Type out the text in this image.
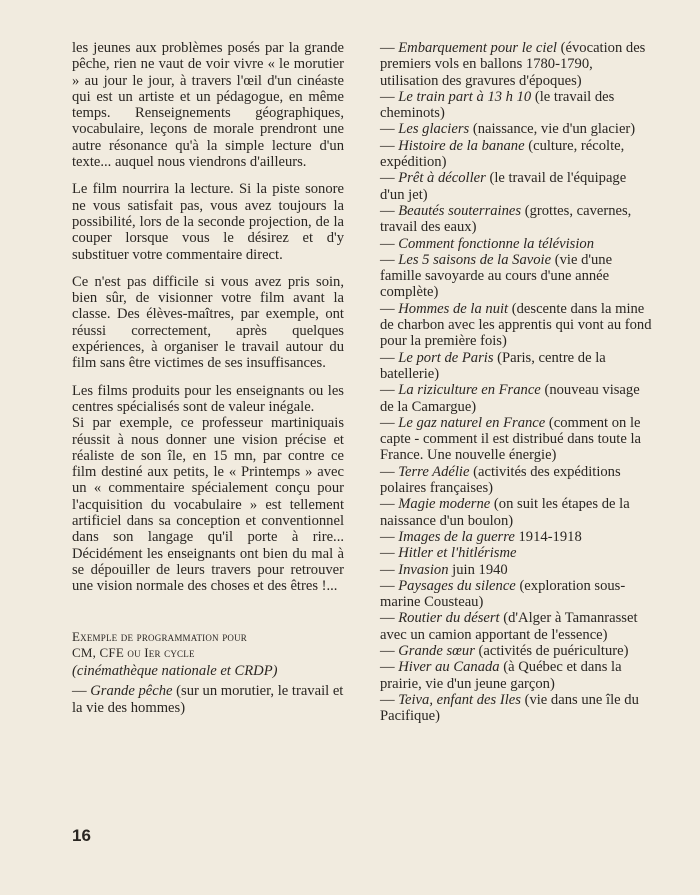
les jeunes aux problèmes posés par la grande pêche, rien ne vaut de voir vivre « le morutier » au jour le jour, à travers l'œil d'un cinéaste qui est un artiste et un pédagogue, en même temps. Renseignements géographiques, vocabulaire, leçons de morale prendront une autre résonance qu'à la simple lecture d'un texte... auquel nous viendrons d'ailleurs.

Le film nourrira la lecture. Si la piste sonore ne vous satisfait pas, vous avez toujours la possibilité, lors de la seconde projection, de la couper lorsque vous le désirez et d'y substituer votre commentaire direct.

Ce n'est pas difficile si vous avez pris soin, bien sûr, de visionner votre film avant la classe. Des élèves-maîtres, par exemple, ont réussi correctement, après quelques expériences, à organiser le travail autour du film sans être victimes de ses insuffisances.

Les films produits pour les enseignants ou les centres spécialisés sont de valeur inégale.

Si par exemple, ce professeur martiniquais réussit à nous donner une vision précise et réaliste de son île, en 15 mn, par contre ce film destiné aux petits, le « Printemps » avec un « commentaire spécialement conçu pour l'acquisition du vocabulaire » est tellement artificiel dans sa conception et conventionnel dans son langage qu'il porte à rire... Décidément les enseignants ont bien du mal à se dépouiller de leurs travers pour retrouver une vision normale des choses et des êtres !...

Exemple de programmation pour
CM, CFE ou Ier cycle

(cinémathèque nationale et CRDP)

— Grande pêche (sur un morutier, le travail et la vie des hommes)

— Embarquement pour le ciel (évocation des premiers vols en ballons 1780-1790, utilisation des gravures d'époques)

— Le train part à 13 h 10 (le travail des cheminots)

— Les glaciers (naissance, vie d'un glacier)

— Histoire de la banane (culture, récolte, expédition)

— Prêt à décoller (le travail de l'équipage d'un jet)

— Beautés souterraines (grottes, cavernes, travail des eaux)

— Comment fonctionne la télévision

— Les 5 saisons de la Savoie (vie d'une famille savoyarde au cours d'une année complète)

— Hommes de la nuit (descente dans la mine de charbon avec les apprentis qui vont au fond pour la première fois)

— Le port de Paris (Paris, centre de la batellerie)

— La riziculture en France (nouveau visage de la Camargue)

— Le gaz naturel en France (comment on le capte - comment il est distribué dans toute la France. Une nouvelle énergie)

— Terre Adélie (activités des expéditions polaires françaises)

— Magie moderne (on suit les étapes de la naissance d'un boulon)

— Images de la guerre 1914-1918

— Hitler et l'hitlérisme

— Invasion juin 1940

— Paysages du silence (exploration sous-marine Cousteau)

— Routier du désert (d'Alger à Tamanrasset avec un camion apportant de l'essence)

— Grande sœur (activités de puériculture)

— Hiver au Canada (à Québec et dans la prairie, vie d'un jeune garçon)

— Teiva, enfant des Iles (vie dans une île du Pacifique)

16
